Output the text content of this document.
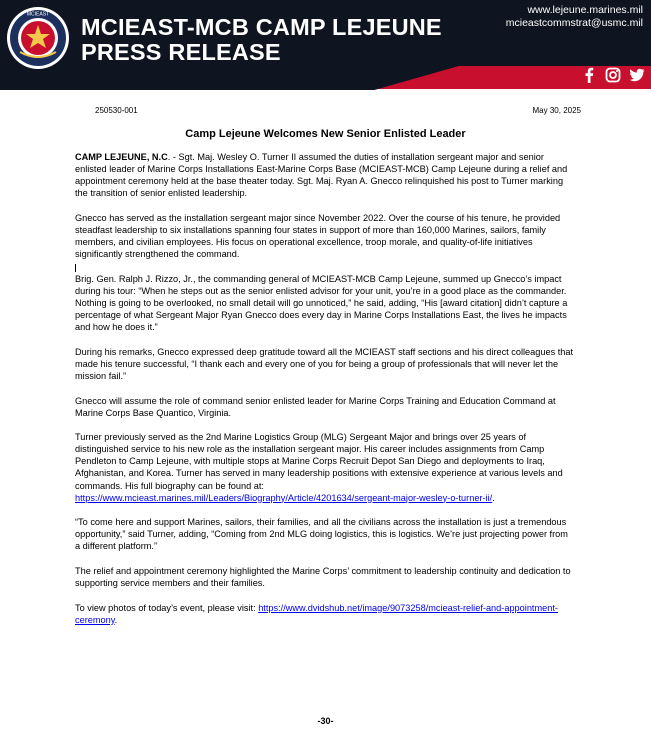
MCIEAST MCIEAST-MCB CAMP LEJEUNE
PRESS RELEASE
www.lejeune.marines.mil
mcieastcommstrat@usmc.mil
250530-001	May 30, 2025
Camp Lejeune Welcomes New Senior Enlisted Leader

CAMP LEJEUNE, N.C. - Sgt. Maj. Wesley O. Turner II assumed the duties of installation sergeant major and senior enlisted leader of Marine Corps Installations East-Marine Corps Base (MCIEAST-MCB) Camp Lejeune during a relief and appointment ceremony held at the base theater today. Sgt. Maj. Ryan A. Gnecco relinquished his post to Turner marking the transition of senior enlisted leadership.

Gnecco has served as the installation sergeant major since November 2022. Over the course of his tenure, he provided steadfast leadership to six installations spanning four states in support of more than 160,000 Marines, sailors, family members, and civilian employees. His focus on operational excellence, troop morale, and quality-of-life initiatives significantly strengthened the command.

Brig. Gen. Ralph J. Rizzo, Jr., the commanding general of MCIEAST-MCB Camp Lejeune, summed up Gnecco’s impact during his tour: “When he steps out as the senior enlisted advisor for your unit, you’re in a good place as the commander. Nothing is going to be overlooked, no small detail will go unnoticed,” he said, adding, “His [award citation] didn’t capture a percentage of what Sergeant Major Ryan Gnecco does every day in Marine Corps Installations East, the lives he impacts and how he does it.”

During his remarks, Gnecco expressed deep gratitude toward all the MCIEAST staff sections and his direct colleagues that made his tenure successful, “I thank each and every one of you for being a group of professionals that will never let the mission fail.”

Gnecco will assume the role of command senior enlisted leader for Marine Corps Training and Education Command at Marine Corps Base Quantico, Virginia.

Turner previously served as the 2nd Marine Logistics Group (MLG) Sergeant Major and brings over 25 years of distinguished service to his new role as the installation sergeant major. His career includes assignments from Camp Pendleton to Camp Lejeune, with multiple stops at Marine Corps Recruit Depot San Diego and deployments to Iraq, Afghanistan, and Korea. Turner has served in many leadership positions with extensive experience at various levels and commands. His full biography can be found at: https://www.mcieast.marines.mil/Leaders/Biography/Article/4201634/sergeant-major-wesley-o-turner-ii/.

“To come here and support Marines, sailors, their families, and all the civilians across the installation is just a tremendous opportunity,” said Turner, adding, “Coming from 2nd MLG doing logistics, this is logistics. We’re just projecting power from a different platform.”

The relief and appointment ceremony highlighted the Marine Corps’ commitment to leadership continuity and dedication to supporting service members and their families.

To view photos of today’s event, please visit: https://www.dvidshub.net/image/9073258/mcieast-relief-and-appointment-ceremony.

-30-
